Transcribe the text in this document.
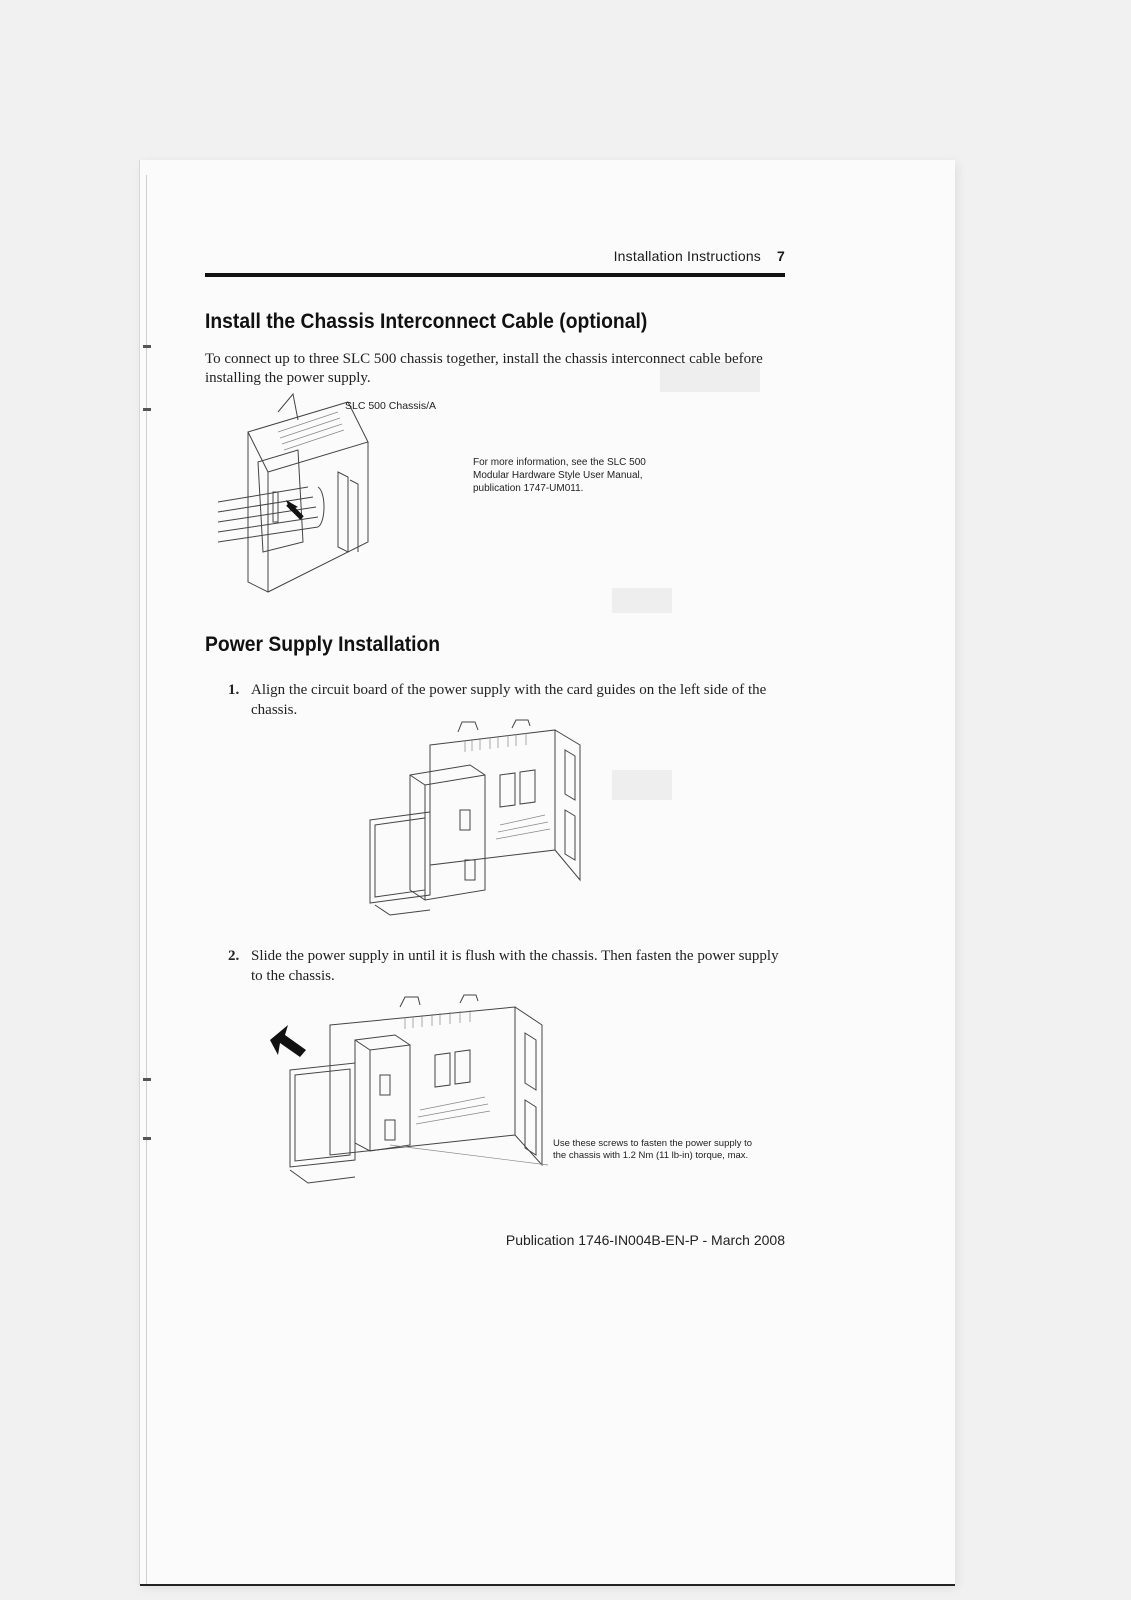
Installation Instructions 7
Install the Chassis Interconnect Cable (optional)

To connect up to three SLC 500 chassis together, install the chassis interconnect cable before installing the power supply.

SLC 500 Chassis/A
For more information, see the SLC 500 Modular Hardware Style User Manual, publication 1747-UM011.
Power Supply Installation
1. Align the circuit board of the power supply with the card guides on the left side of the chassis.
2. Slide the power supply in until it is flush with the chassis. Then fasten the power supply to the chassis.
Use these screws to fasten the power supply to the chassis with 1.2 Nm (11 lb-in) torque, max.
Publication 1746-IN004B-EN-P - March 2008
